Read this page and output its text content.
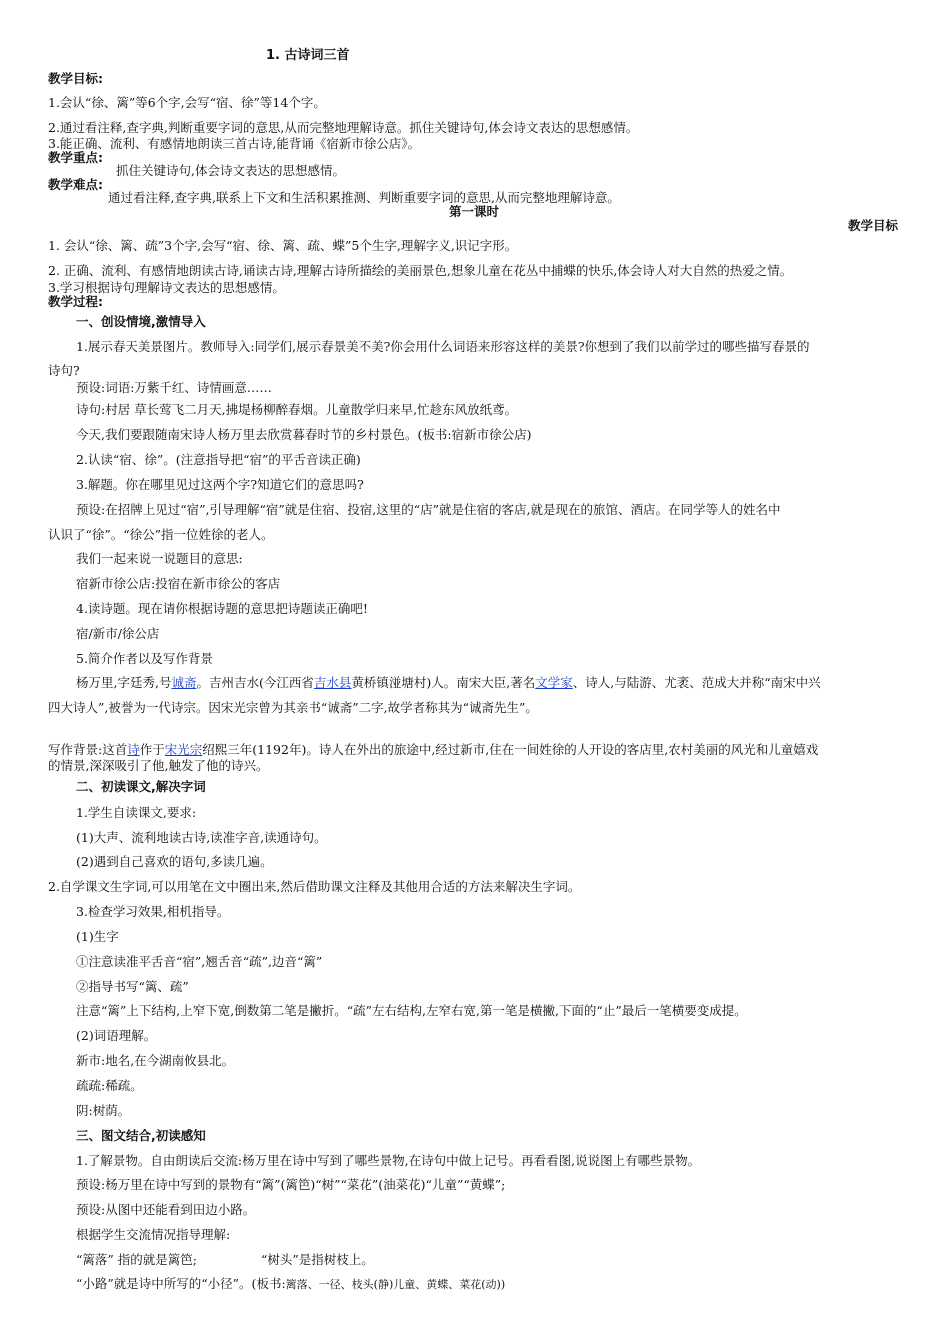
1. 古诗词三首
教学目标:
1.会认“徐、篱”等6个字,会写“宿、徐”等14个字。
2.通过看注释,查字典,判断重要字词的意思,从而完整地理解诗意。抓住关键诗句,体会诗文表达的思想感情。
3.能正确、流利、有感情地朗读三首古诗,能背诵《宿新市徐公店》。
教学重点:
抓住关键诗句,体会诗文表达的思想感情。
教学难点:
通过看注释,查字典,联系上下文和生活积累推测、判断重要字词的意思,从而完整地理解诗意。
第一课时
教学目标
1. 会认“徐、篱、疏”3个字,会写“宿、徐、篱、疏、蝶”5个生字,理解字义,识记字形。
2. 正确、流利、有感情地朗读古诗,诵读古诗,理解古诗所描绘的美丽景色,想象儿童在花丛中捕蝶的快乐,体会诗人对大自然的热爱之情。
3.学习根据诗句理解诗文表达的思想感情。
教学过程:
一、创设情境,激情导入
1.展示春天美景图片。教师导入:同学们,展示春景美不美?你会用什么词语来形容这样的美景?你想到了我们以前学过的哪些描写春景的
诗句?
预设:词语:万紫千红、诗情画意……
诗句:村居 草长莺飞二月天,拂堤杨柳醉春烟。儿童散学归来早,忙趁东风放纸鸢。
今天,我们要跟随南宋诗人杨万里去欣赏暮春时节的乡村景色。(板书:宿新市徐公店)
2.认读“宿、徐”。(注意指导把“宿”的平舌音读正确)
3.解题。你在哪里见过这两个字?知道它们的意思吗?
预设:在招牌上见过“宿”,引导理解“宿”就是住宿、投宿,这里的“店”就是住宿的客店,就是现在的旅馆、酒店。在同学等人的姓名中
认识了“徐”。“徐公”指一位姓徐的老人。
我们一起来说一说题目的意思:
宿新市徐公店:投宿在新市徐公的客店
4.读诗题。现在请你根据诗题的意思把诗题读正确吧!
宿/新市/徐公店
5.简介作者以及写作背景
杨万里,字廷秀,号诚斋。吉州吉水(今江西省吉水县黄桥镇湴塘村)人。南宋大臣,著名文学家、诗人,与陆游、尤袤、范成大并称“南宋中兴
四大诗人”,被誉为一代诗宗。因宋光宗曾为其亲书“诚斋”二字,故学者称其为“诚斋先生”。
写作背景:这首诗作于宋光宗绍熙三年(1192年)。诗人在外出的旅途中,经过新市,住在一间姓徐的人开设的客店里,农村美丽的风光和儿童嬉戏
的情景,深深吸引了他,触发了他的诗兴。
二、初读课文,解决字词
1.学生自读课文,要求:
(1)大声、流利地读古诗,读准字音,读通诗句。
(2)遇到自己喜欢的语句,多读几遍。
2.自学课文生字词,可以用笔在文中圈出来,然后借助课文注释及其他用合适的方法来解决生字词。
3.检查学习效果,相机指导。
(1)生字
①注意读准平舌音“宿”,翘舌音“疏”,边音“篱”
②指导书写“篱、疏”
注意“篱”上下结构,上窄下宽,倒数第二笔是撇折。“疏”左右结构,左窄右宽,第一笔是横撇,下面的“止”最后一笔横要变成提。
(2)词语理解。
新市:地名,在今湖南攸县北。
疏疏:稀疏。
阴:树荫。
三、图文结合,初读感知
1.了解景物。自由朗读后交流:杨万里在诗中写到了哪些景物,在诗句中做上记号。再看看图,说说图上有哪些景物。
预设:杨万里在诗中写到的景物有“篱”(篱笆)“树”“菜花”(油菜花)“儿童”“黄蝶”;
预设:从图中还能看到田边小路。
根据学生交流情况指导理解:
“篱落” 指的就是篱笆;	“树头”是指树枝上。
“小路”就是诗中所写的“小径”。(板书:篱落、一径、枝头(静)儿童、黄蝶、菜花(动))
